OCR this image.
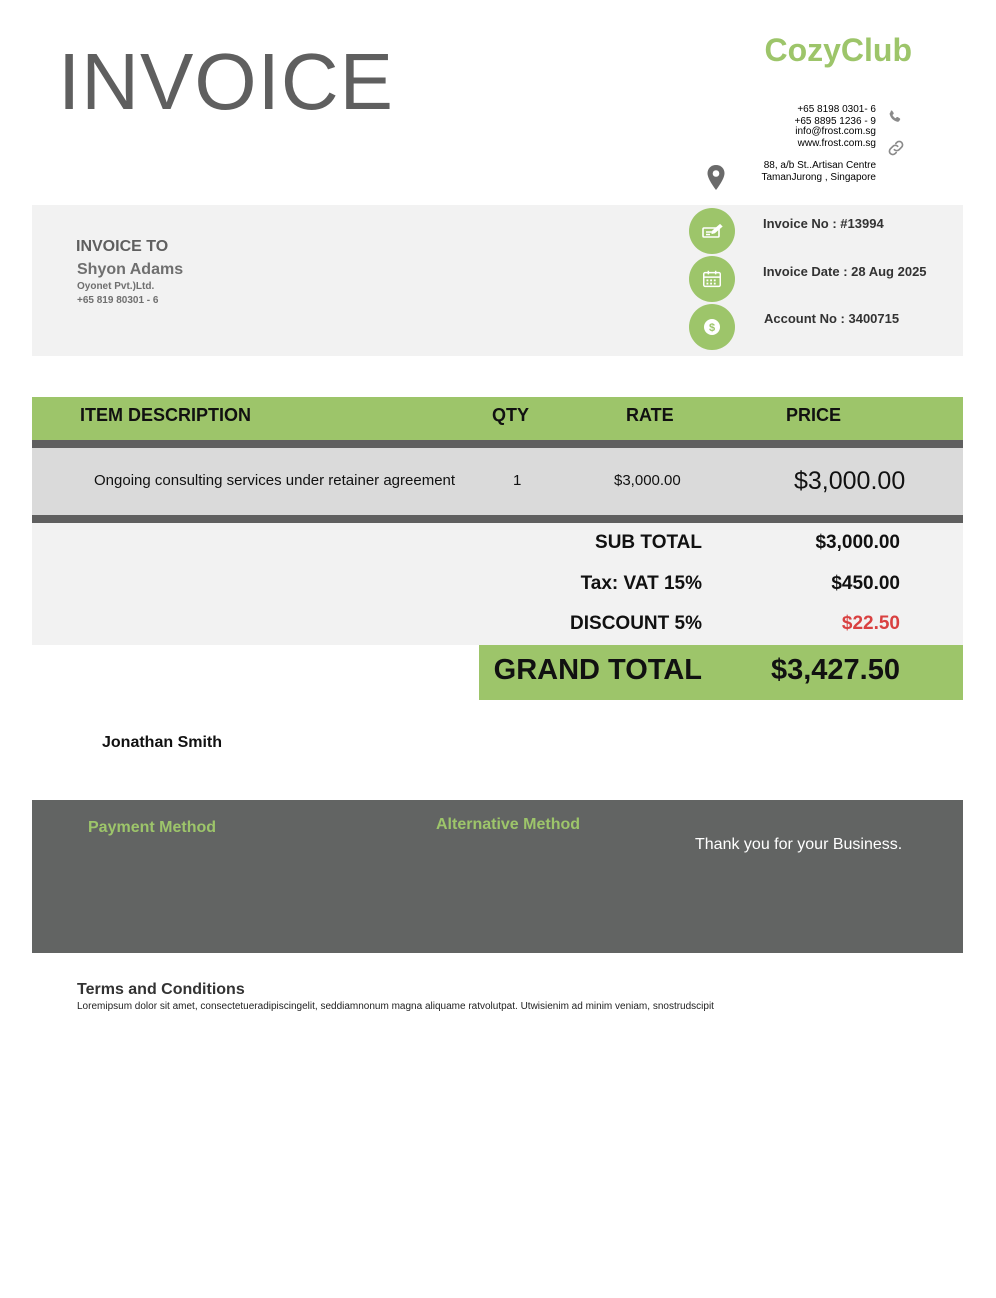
INVOICE	CozyClub
+65 8198 0301- 6
+65 8895 1236 - 9
info@frost.com.sg
www.frost.com.sg
88, a/b St..Artisan Centre
TamanJurong , Singapore
INVOICE TO
Shyon Adams
Oyonet Pvt.)Ltd.
+65 819 80301 - 6
$
Invoice No : #13994
Invoice Date : 28 Aug 2025
Account No : 3400715
ITEM DESCRIPTION	QTY	RATE	PRICE
Ongoing consulting services under retainer agreement	1	$3,000.00	$3,000.00
SUB TOTAL	$3,000.00
Tax: VAT 15%	$450.00
DISCOUNT 5%	$22.50
GRAND TOTAL	$3,427.50
Jonathan Smith
Payment Method	Alternative Method
Thank you for your Business.
Terms and Conditions
Loremipsum dolor sit amet, consectetueradipiscingelit, seddiamnonum magna aliquame ratvolutpat. Utwisienim ad minim veniam, snostrudscipit
